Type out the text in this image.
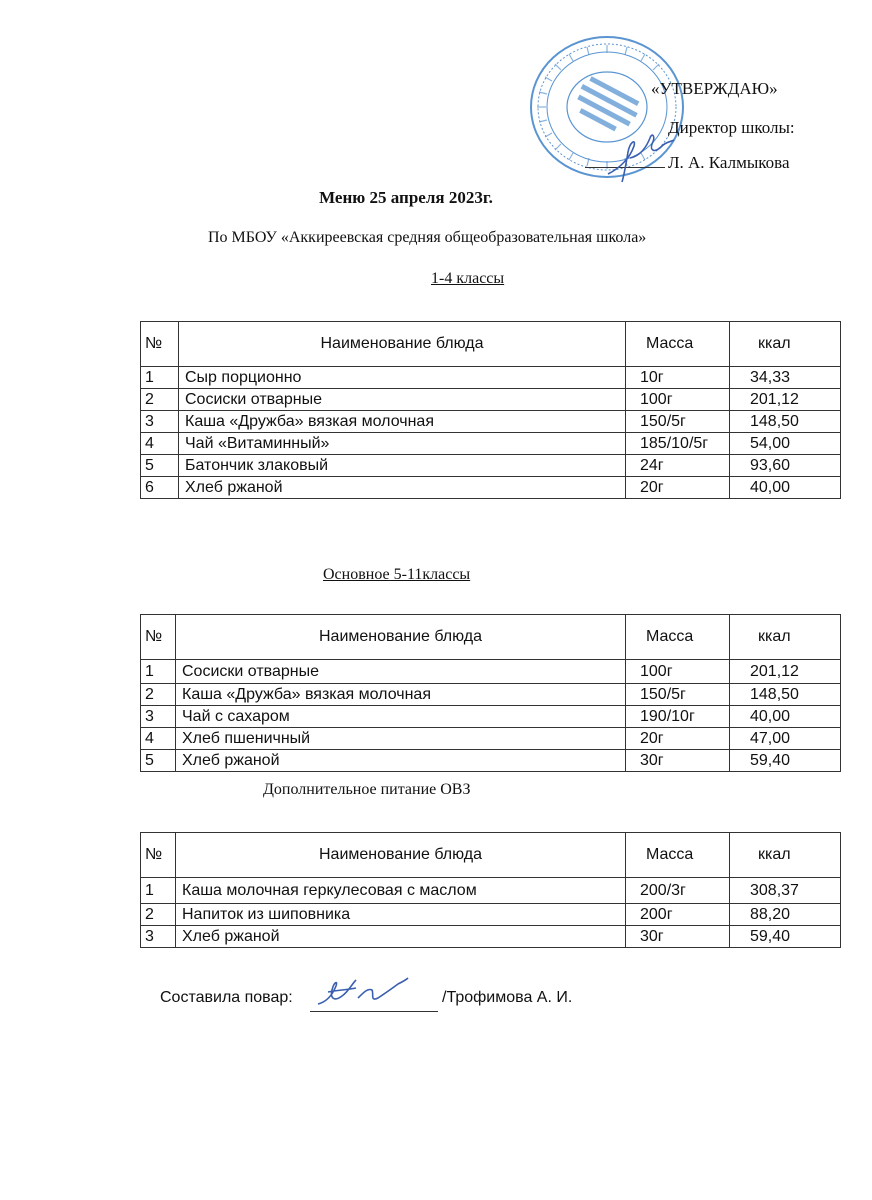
«УТВЕРЖДАЮ»
Директор школы:
Л. А. Калмыкова
Меню 25 апреля 2023г.
По МБОУ «Аккиреевская средняя общеобразовательная школа»
1-4 классы
№	Наименование блюда	Масса	ккал
1	Сыр порционно	10г	34,33
2	Сосиски отварные	100г	201,12
3	Каша «Дружба» вязкая молочная	150/5г	148,50
4	Чай «Витаминный»	185/10/5г	54,00
5	Батончик злаковый	24г	93,60
6	Хлеб ржаной	20г	40,00
Основное 5-11классы
№	Наименование блюда	Масса	ккал
1	Сосиски отварные	100г	201,12
2	Каша «Дружба» вязкая молочная	150/5г	148,50
3	Чай с сахаром	190/10г	40,00
4	Хлеб пшеничный	20г	47,00
5	Хлеб ржаной	30г	59,40
Дополнительное питание ОВЗ
№	Наименование блюда	Масса	ккал
1	Каша молочная геркулесовая с маслом	200/3г	308,37
2	Напиток из шиповника	200г	88,20
3	Хлеб ржаной	30г	59,40
Составила повар:	/Трофимова А. И.
